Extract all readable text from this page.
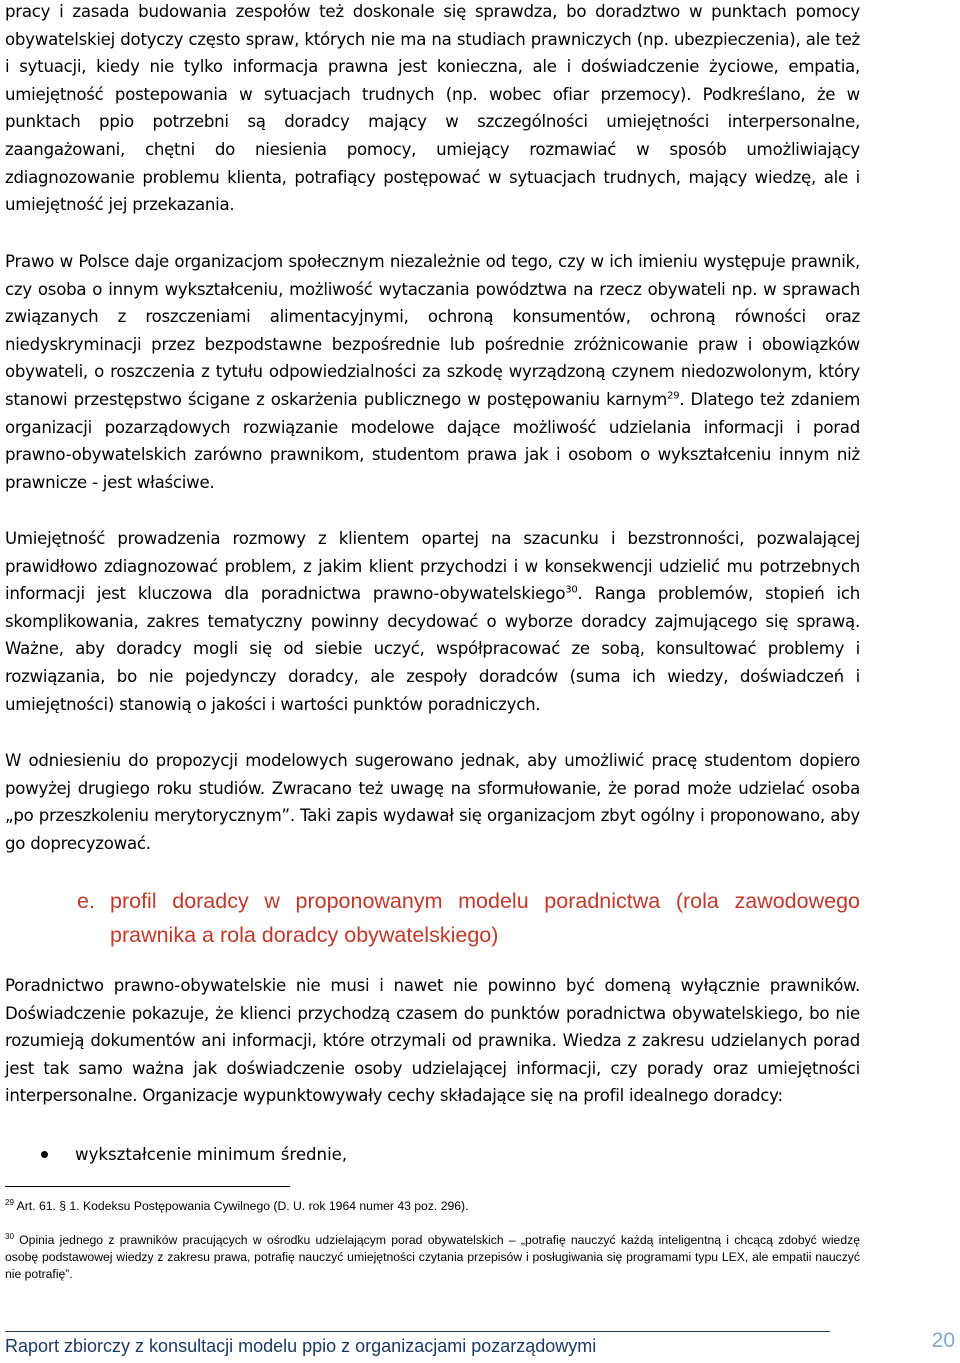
pracy i zasada budowania zespołów też doskonale się sprawdza, bo doradztwo w punktach pomocy obywatelskiej dotyczy często spraw, których nie ma na studiach prawniczych (np. ubezpieczenia), ale też i sytuacji, kiedy nie tylko informacja prawna jest konieczna, ale i doświadczenie życiowe, empatia, umiejętność postepowania w sytuacjach trudnych (np. wobec ofiar przemocy). Podkreślano, że w punktach ppio potrzebni są doradcy mający w szczególności umiejętności interpersonalne, zaangażowani, chętni do niesienia pomocy, umiejący rozmawiać w sposób umożliwiający zdiagnozowanie problemu klienta, potrafiący postępować w sytuacjach trudnych, mający wiedzę, ale i umiejętność jej przekazania.

Prawo w Polsce daje organizacjom społecznym niezależnie od tego, czy w ich imieniu występuje prawnik, czy osoba o innym wykształceniu, możliwość wytaczania powództwa na rzecz obywateli np. w sprawach związanych z roszczeniami alimentacyjnymi, ochroną konsumentów, ochroną równości oraz niedyskryminacji przez bezpodstawne bezpośrednie lub pośrednie zróżnicowanie praw i obowiązków obywateli, o roszczenia z tytułu odpowiedzialności za szkodę wyrządzoną czynem niedozwolonym, który stanowi przestępstwo ścigane z oskarżenia publicznego w postępowaniu karnym$^{29}$. Dlatego też zdaniem organizacji pozarządowych rozwiązanie modelowe dające możliwość udzielania informacji i porad prawno-obywatelskich zarówno prawnikom, studentom prawa jak i osobom o wykształceniu innym niż prawnicze - jest właściwe.

Umiejętność prowadzenia rozmowy z klientem opartej na szacunku i bezstronności, pozwalającej prawidłowo zdiagnozować problem, z jakim klient przychodzi i w konsekwencji udzielić mu potrzebnych informacji jest kluczowa dla poradnictwa prawno-obywatelskiego$^{30}$. Ranga problemów, stopień ich skomplikowania, zakres tematyczny powinny decydować o wyborze doradcy zajmującego się sprawą. Ważne, aby doradcy mogli się od siebie uczyć, współpracować ze sobą, konsultować problemy i rozwiązania, bo nie pojedynczy doradcy, ale zespoły doradców (suma ich wiedzy, doświadczeń i umiejętności) stanowią o jakości i wartości punktów poradniczych.

W odniesieniu do propozycji modelowych sugerowano jednak, aby umożliwić pracę studentom dopiero powyżej drugiego roku studiów. Zwracano też uwagę na sformułowanie, że porad może udzielać osoba „po przeszkoleniu merytorycznym”. Taki zapis wydawał się organizacjom zbyt ogólny i proponowano, aby go doprecyzować.

e. profil doradcy w proponowanym modelu poradnictwa (rola zawodowego prawnika a rola doradcy obywatelskiego)

Poradnictwo prawno-obywatelskie nie musi i nawet nie powinno być domeną wyłącznie prawników. Doświadczenie pokazuje, że klienci przychodzą czasem do punktów poradnictwa obywatelskiego, bo nie rozumieją dokumentów ani informacji, które otrzymali od prawnika. Wiedza z zakresu udzielanych porad jest tak samo ważna jak doświadczenie osoby udzielającej informacji, czy porady oraz umiejętności interpersonalne. Organizacje wypunktowywały cechy składające się na profil idealnego doradcy:

wykształcenie minimum średnie,
$^{29}$ Art. 61. § 1. Kodeksu Postępowania Cywilnego (D. U. rok 1964 numer 43 poz. 296).
$^{30}$ Opinia jednego z prawników pracujących w ośrodku udzielającym porad obywatelskich – „potrafię nauczyć każdą inteligentną i chcącą zdobyć wiedzę osobę podstawowej wiedzy z zakresu prawa, potrafię nauczyć umiejętności czytania przepisów i posługiwania się programami typu LEX, ale empatii nauczyć nie potrafię”.
Raport zbiorczy z konsultacji modelu ppio z organizacjami pozarządowymi	20
